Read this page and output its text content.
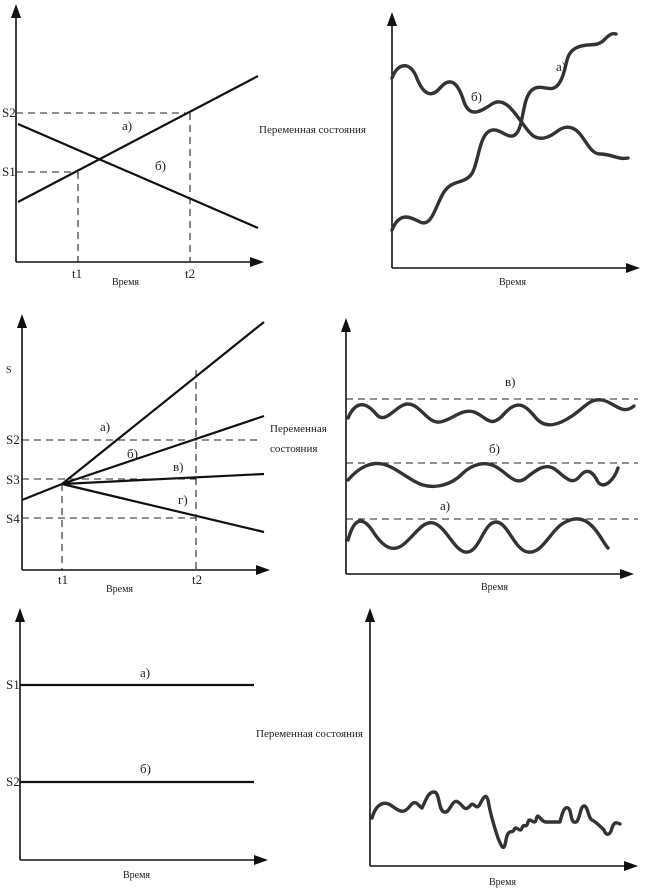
S2
S1
t1	t2
а)
б)
Время
Переменная состояния
а)
б)
Время
S
S2
S3
S4
t1	t2
а)
б)
в)
г)
Время
Переменная
состояния
в)
б)
а)
Время
S1
S2
а)
б)
Время
Переменная состояния
Время
